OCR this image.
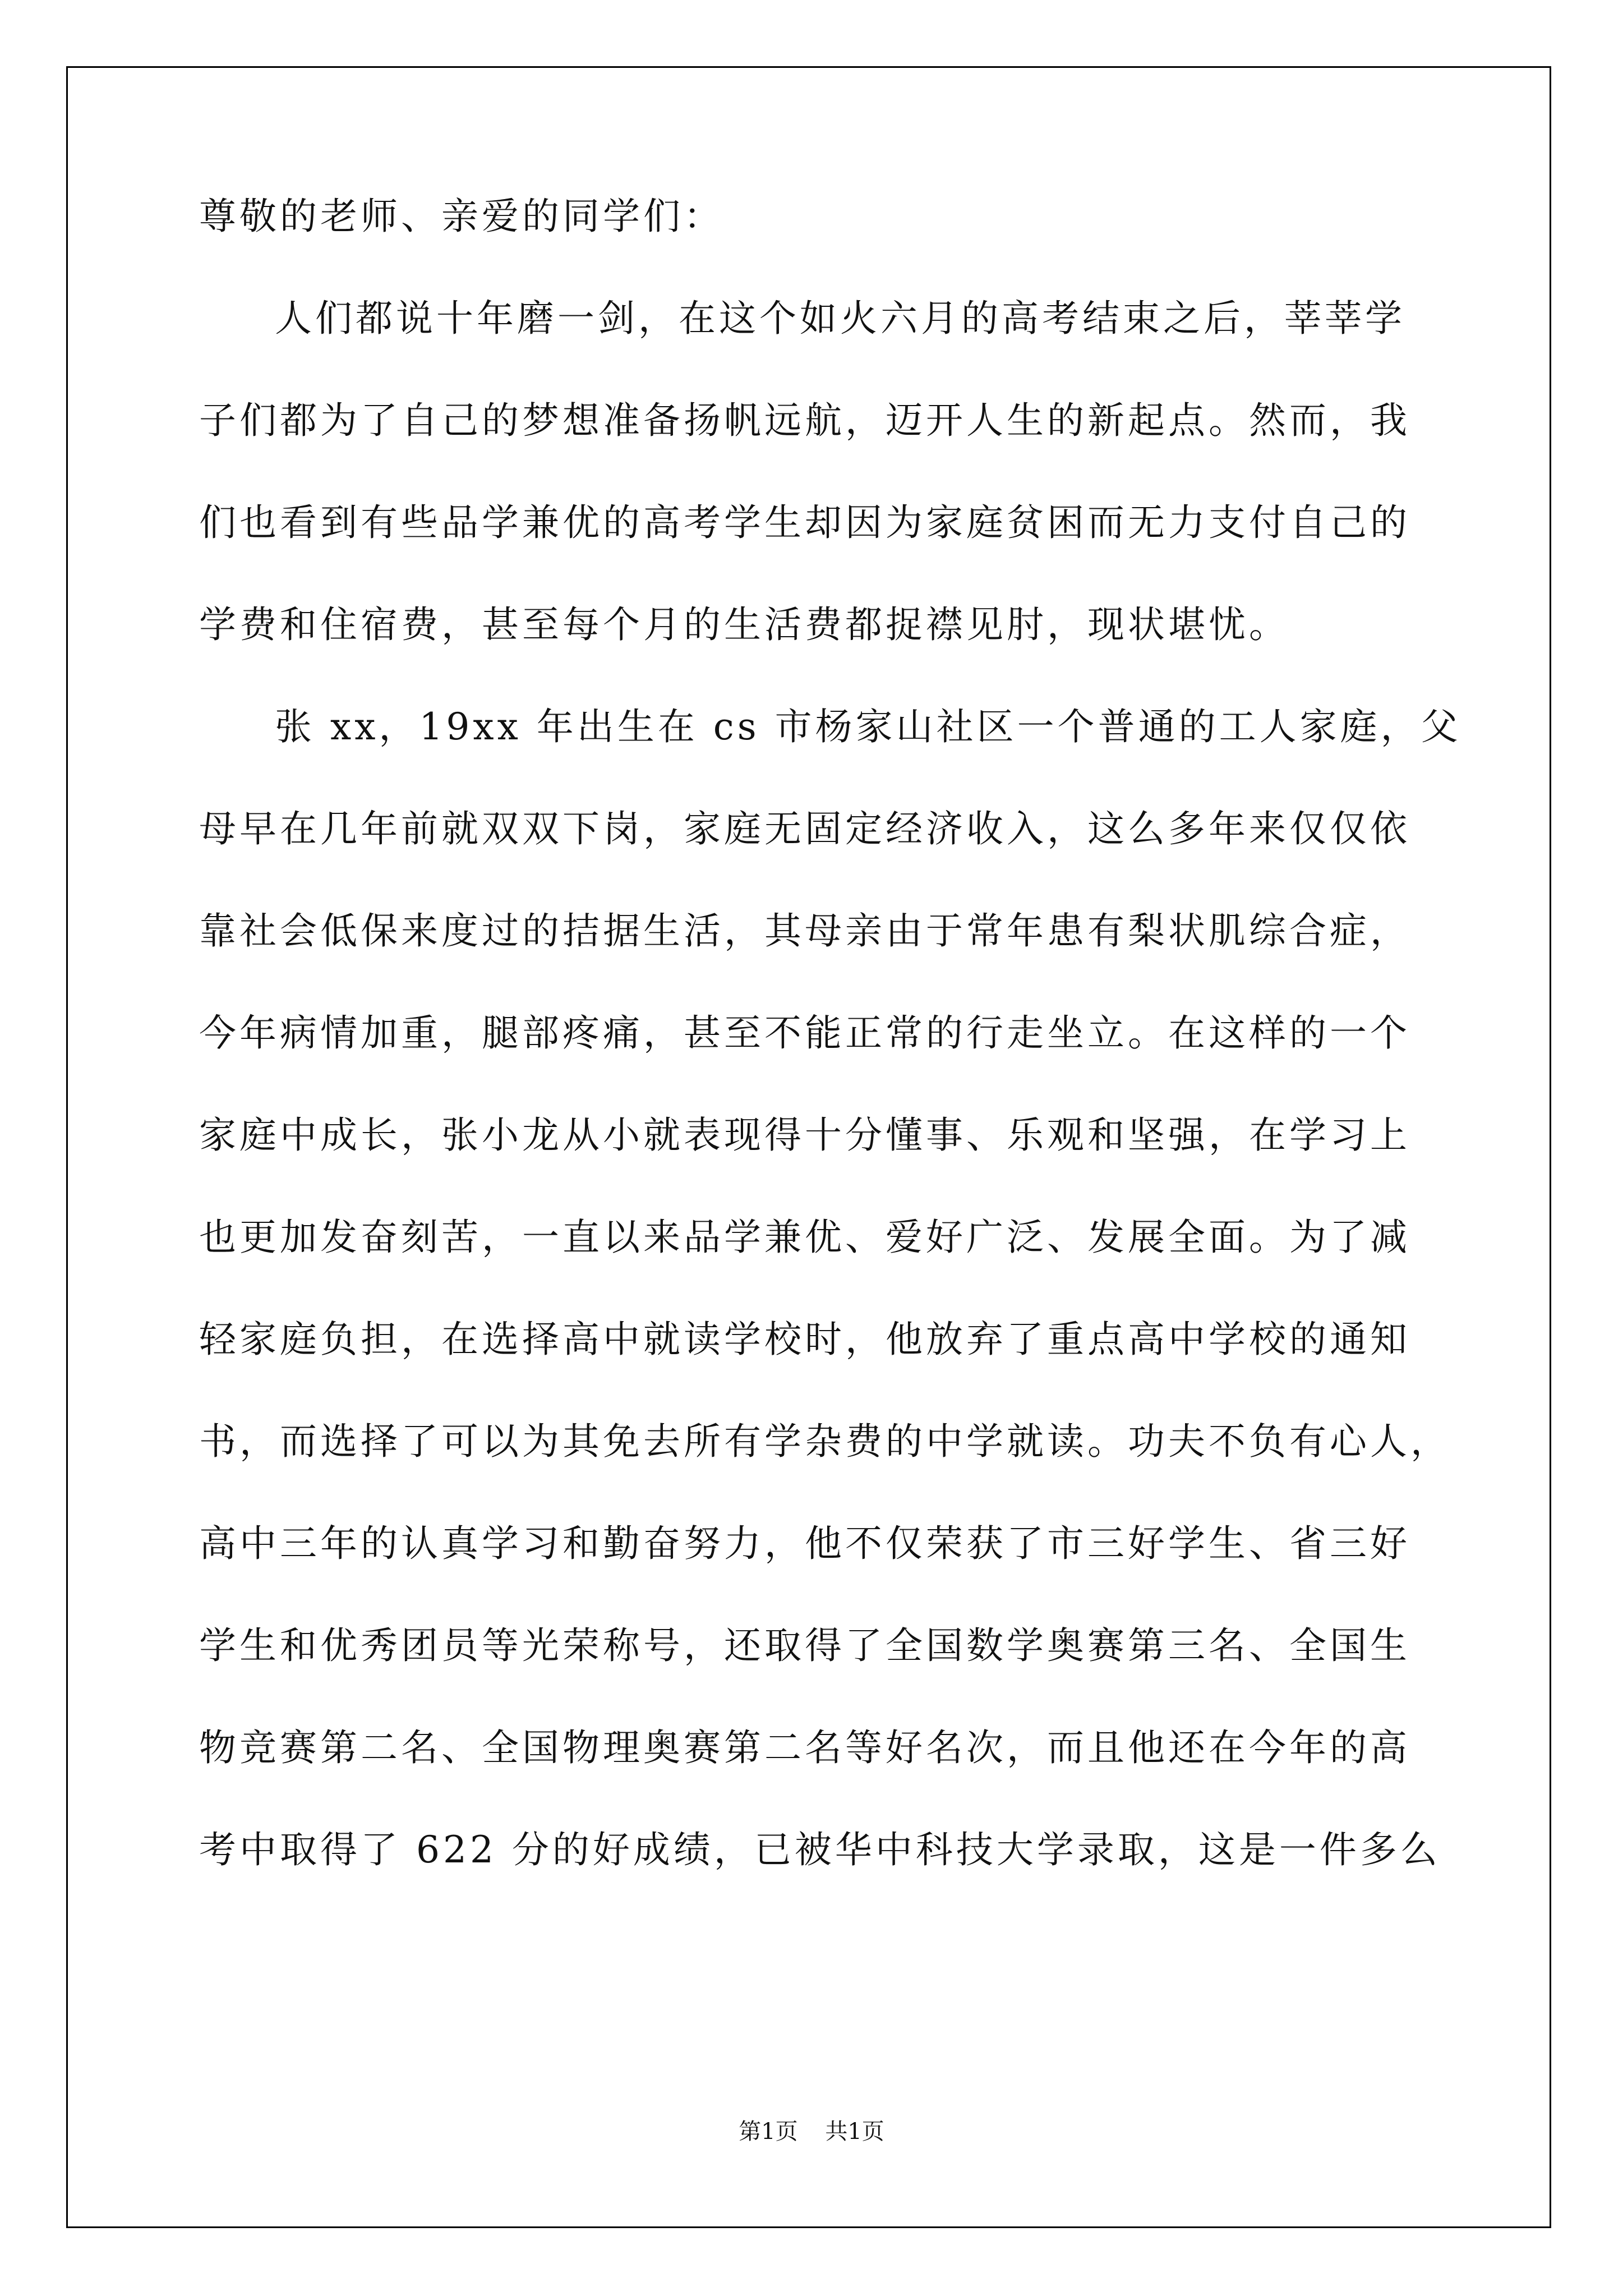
尊敬的老师、亲爱的同学们：
人们都说十年磨一剑，在这个如火六月的高考结束之后，莘莘学
子们都为了自己的梦想准备扬帆远航，迈开人生的新起点。然而，我
们也看到有些品学兼优的高考学生却因为家庭贫困而无力支付自己的
学费和住宿费，甚至每个月的生活费都捉襟见肘，现状堪忧。
张 xx，19xx 年出生在 cs 市杨家山社区一个普通的工人家庭，父
母早在几年前就双双下岗，家庭无固定经济收入，这么多年来仅仅依
靠社会低保来度过的拮据生活，其母亲由于常年患有梨状肌综合症，
今年病情加重，腿部疼痛，甚至不能正常的行走坐立。在这样的一个
家庭中成长，张小龙从小就表现得十分懂事、乐观和坚强，在学习上
也更加发奋刻苦，一直以来品学兼优、爱好广泛、发展全面。为了减
轻家庭负担，在选择高中就读学校时，他放弃了重点高中学校的通知
书，而选择了可以为其免去所有学杂费的中学就读。功夫不负有心人，
高中三年的认真学习和勤奋努力，他不仅荣获了市三好学生、省三好
学生和优秀团员等光荣称号，还取得了全国数学奥赛第三名、全国生
物竞赛第二名、全国物理奥赛第二名等好名次，而且他还在今年的高
考中取得了 622 分的好成绩，已被华中科技大学录取，这是一件多么
第1页 共1页
